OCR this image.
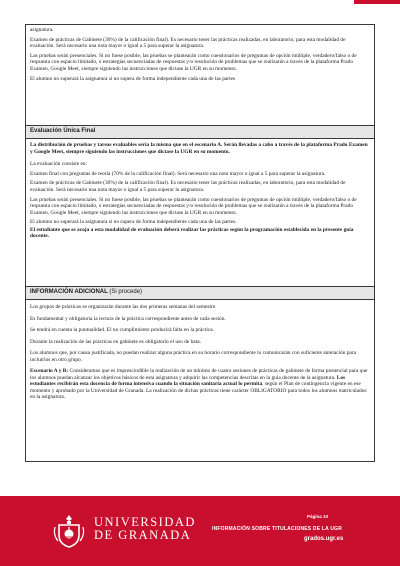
asignatura.

Examen de prácticas de Gabinete (30%) de la calificación final). Es necesario tener las prácticas realizadas, en laboratorio, para esta modalidad de evaluación. Será necesario una nota mayor o igual a 5 para superar la asignatura.

Las pruebas serán presenciales. Si no fuese posible, las pruebas se plantearán como cuestionarios de preguntas de opción múltiple, verdadero/falso o de respuesta con espacio limitado, o estrategias secuenciadas de respuestas y/o resolución de problemas que se realizarán a través de la plataforma Prado Examen, Google Meet, siempre siguiendo las instrucciones que dictase la UGR en su momento.

El alumno no superará la asignatura si no supera de forma independiente cada una de las partes

Evaluación Única Final

La distribución de pruebas y tareas evaluables sería la misma que en el escenario A. Serán llevadas a cabo a través de la plataforma Prado Examen y Google Meet, siempre siguiendo las instrucciones que dictase la UGR en su momento.

La evaluación consiste en:

Examen final con preguntas de teoría (70% de la calificación final). Será necesario una nota mayor o igual a 5 para superar la asignatura.

Examen de prácticas de Gabinete (30%) de la calificación final). Es necesario tener las prácticas realizadas, en laboratorio, para esta modalidad de evaluación. Será necesario una nota mayor o igual a 5 para superar la asignatura.

Las pruebas serán presenciales. Si no fuese posible, las pruebas se plantearán como cuestionarios de preguntas de opción múltiple, verdadero/falso o de respuesta con espacio limitado, o estrategias secuenciadas de respuestas y/o resolución de problemas que se realizarán a través de la plataforma Prado Examen, Google Meet, siempre siguiendo las instrucciones que dictase la UGR en su momento.

El alumno no superará la asignatura si no supera de forma independiente cada una de las partes.

El estudiante que se acoja a esta modalidad de evaluación deberá realizar las prácticas según la programación establecida en la presente guía docente.

INFORMACIÓN ADICIONAL (Si procede)

Los grupos de prácticas se organizarán durante las dos primeras semanas del semestre.

Es fundamental y obligatoria la lectura de la práctica correspondiente antes de cada sesión.

Se tendrá en cuenta la puntualidad. El no cumplimiento producirá falta en la práctica.

Durante la realización de las prácticas en gabinete es obligatorio el uso de bata.

Los alumnos que, por causa justificada, no puedan realizar alguna práctica en su horario correspondiente lo comunicarán con suficiente antelación para incluirlos en otro grupo.

Escenario A y B: Consideramos que es imprescindible la realización de un mínimo de cuatro sesiones de prácticas de gabinete de forma presencial para que los alumnos puedan alcanzar los objetivos básicos de esta asignatura y adquirir las competencias descritas en la guía docente de la asignatura. Los estudiantes recibirán esta docencia de forma intensiva cuando la situación sanitaria actual lo permita, según el Plan de contingencia vigente en ese momento y aprobado por la Universidad de Granada. La realización de dichas prácticas tiene carácter OBLIGATORIO para todos los alumnos matriculados en la asignatura.

UNIVERSIDAD
DE GRANADA
Página 10
INFORMACIÓN SOBRE TITULACIONES DE LA UGR
grados.ugr.es
